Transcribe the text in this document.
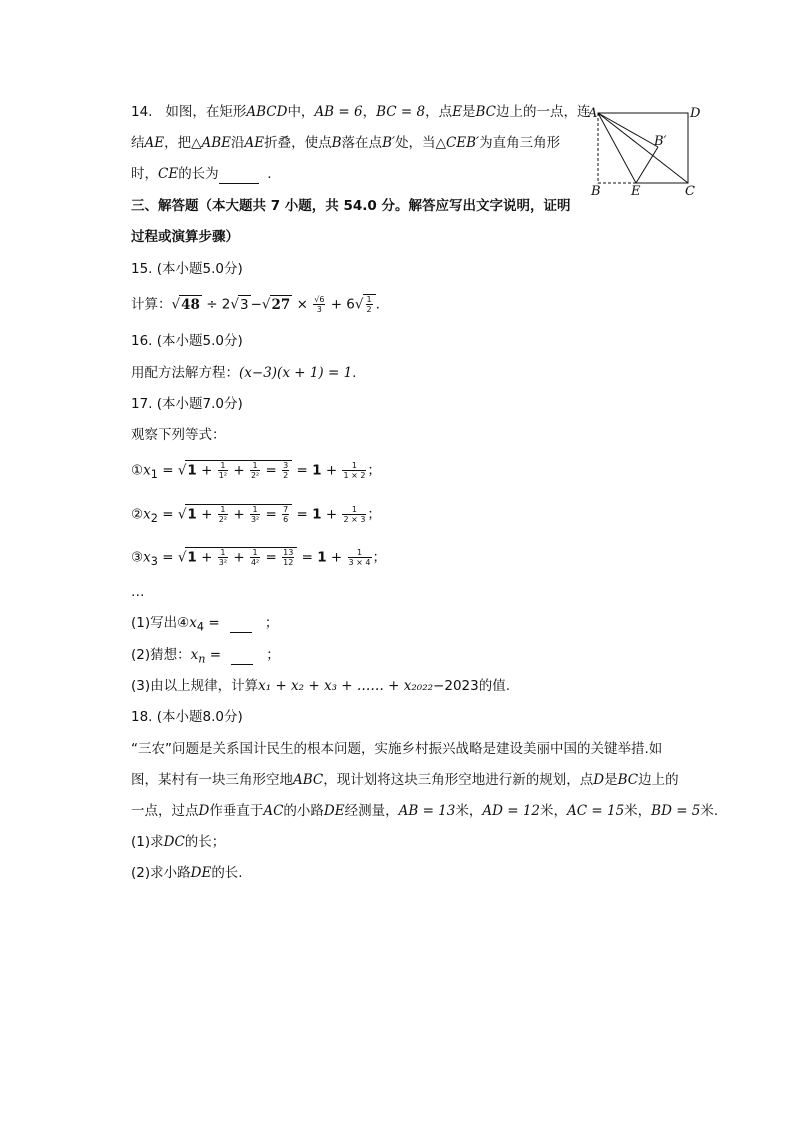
14. 如图，在矩形ABCD中，AB = 6，BC = 8，点E是BC边上的一点，连
结AE，把△ABE沿AE折叠，使点B落在点B′处，当△CEB′为直角三角形
时，CE的长为	.
A	D
B′
B E	C
三、解答题（本大题共 7 小题，共 54.0 分。解答应写出文字说明，证明
过程或演算步骤）
15. (本小题5.0分)
计算：$√48 \div 2√3 -√27 \times \frac{√6}{3} + 6√ \frac{1}{2}$ .
16. (本小题5.0分)
用配方法解方程：(x−3)(x + 1) = 1.
17. (本小题7.0分)
观察下列等式：
$①x_1 = √1 + \frac{1}{\text{1²}} + \frac{1}{\text{2²}} = \frac{3}{2} = 1 + \frac{1}{1 \times 2}$ ；
$②x_2 = √1 + \frac{1}{\text{2²}} + \frac{1}{\text{3²}} = \frac{7}{6} = 1 + \frac{1}{2 \times 3}$ ；
$③x_3 = √1 + \frac{1}{\text{3²}} + \frac{1}{\text{4²}} = \frac{13}{12} = 1 + \frac{1}{3 \times 4}$ ；
…
(1)写出$④x_4$ =	；
(2)猜想：$x_n$ =	；
(3)由以上规律，计算x₁ + x₂ + x₃ + …… + x₂₀₂₂−2023的值.
18. (本小题8.0分)
“三农”问题是关系国计民生的根本问题，实施乡村振兴战略是建设美丽中国的关键举措.如
图，某村有一块三角形空地ABC，现计划将这块三角形空地进行新的规划，点D是BC边上的
一点，过点D作垂直于AC的小路DE经测量，AB = 13米，AD = 12米，AC = 15米，BD = 5米.
(1)求DC的长；
(2)求小路DE的长.
